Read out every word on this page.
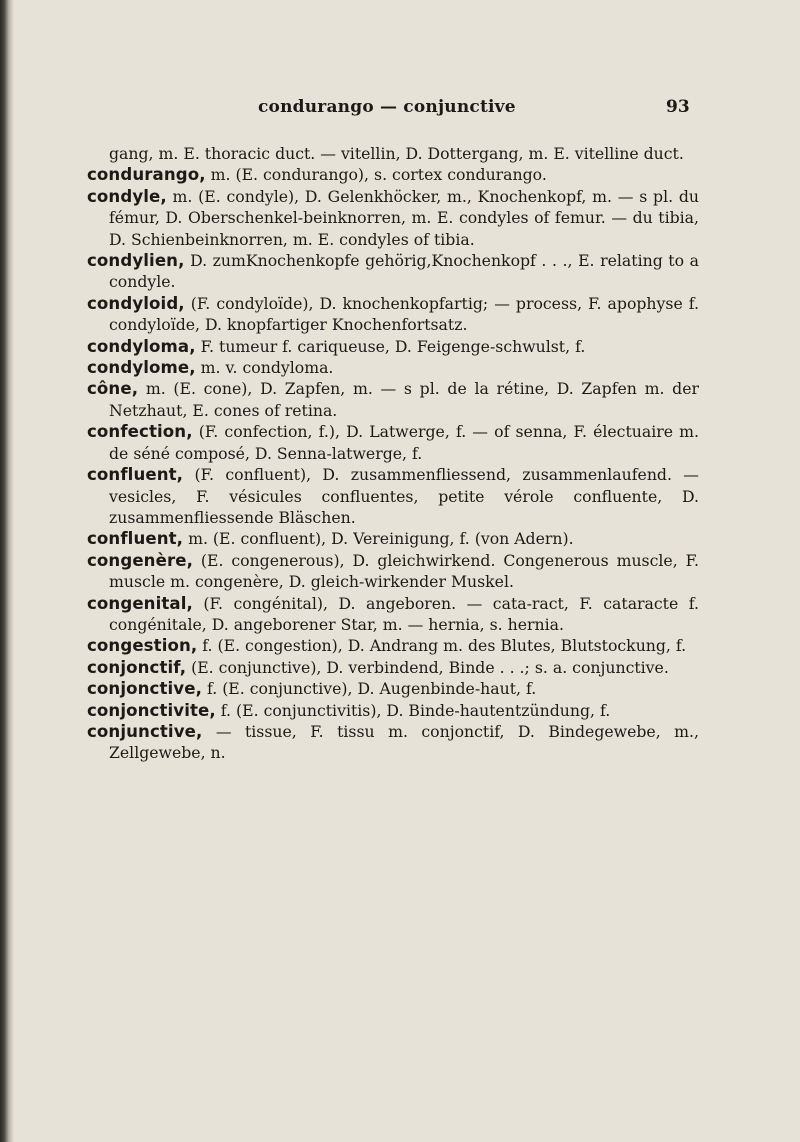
condurango — conjunctive	93

gang, m. E. thoracic duct. — vitellin, D. Dottergang, m. E. vitelline duct.

condurango, m. (E. condurango), s. cortex condurango.

condyle, m. (E. condyle), D. Gelenkhöcker, m., Knochenkopf, m. — s pl. du fémur, D. Oberschenkel-beinknorren, m. E. condyles of femur. — du tibia, D. Schienbeinknorren, m. E. condyles of tibia.

condylien, D. zumKnochenkopfe gehörig,Knochenkopf . . ., E. relating to a condyle.

condyloid, (F. condyloïde), D. knochenkopfartig; — process, F. apophyse f. condyloïde, D. knopfartiger Knochenfortsatz.

condyloma, F. tumeur f. cariqueuse, D. Feigenge-schwulst, f.

condylome, m. v. condyloma.

cône, m. (E. cone), D. Zapfen, m. — s pl. de la rétine, D. Zapfen m. der Netzhaut, E. cones of retina.

confection, (F. confection, f.), D. Latwerge, f. — of senna, F. électuaire m. de séné composé, D. Senna-latwerge, f.

confluent, (F. confluent), D. zusammenfliessend, zusammenlaufend. — vesicles, F. vésicules confluentes, petite vérole confluente, D. zusammenfliessende Bläschen.

confluent, m. (E. confluent), D. Vereinigung, f. (von Adern).

congenère, (E. congenerous), D. gleichwirkend. Congenerous muscle, F. muscle m. congenère, D. gleich-wirkender Muskel.

congenital, (F. congénital), D. angeboren. — cata-ract, F. cataracte f. congénitale, D. angeborener Star, m. — hernia, s. hernia.

congestion, f. (E. congestion), D. Andrang m. des Blutes, Blutstockung, f.

conjonctif, (E. conjunctive), D. verbindend, Binde . . .; s. a. conjunctive.

conjonctive, f. (E. conjunctive), D. Augenbinde-haut, f.

conjonctivite, f. (E. conjunctivitis), D. Binde-hautentzündung, f.

conjunctive, — tissue, F. tissu m. conjonctif, D. Bindegewebe, m., Zellgewebe, n.
